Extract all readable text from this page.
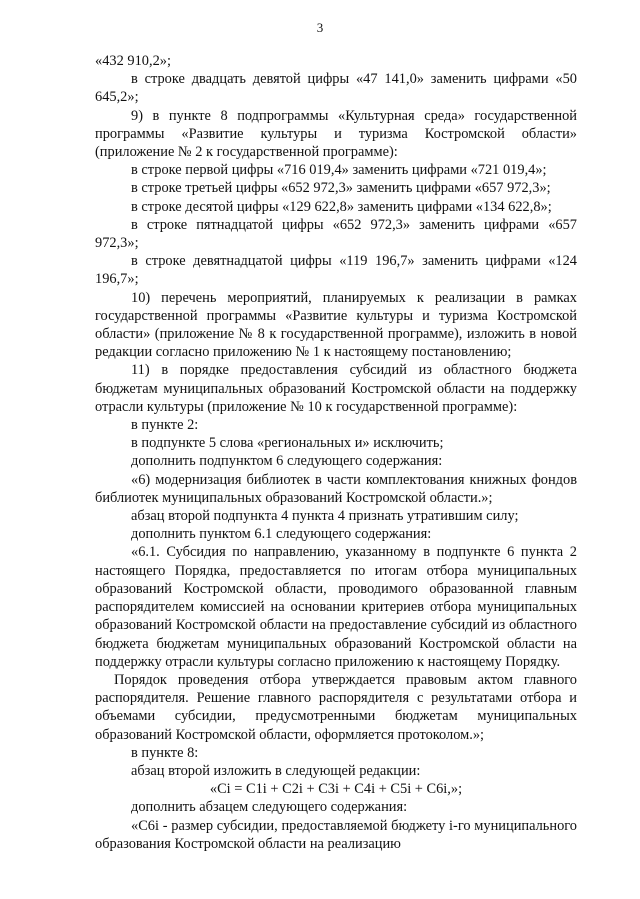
3

«432 910,2»;

в строке двадцать девятой цифры «47 141,0» заменить цифрами «50 645,2»;

9) в пункте 8 подпрограммы «Культурная среда» государственной программы «Развитие культуры и туризма Костромской области» (приложение № 2 к государственной программе):

в строке первой цифры «716 019,4» заменить цифрами «721 019,4»;

в строке третьей цифры «652 972,3» заменить цифрами «657 972,3»;

в строке десятой цифры «129 622,8» заменить цифрами «134 622,8»;

в строке пятнадцатой цифры «652 972,3» заменить цифрами «657 972,3»;

в строке девятнадцатой цифры «119 196,7» заменить цифрами «124 196,7»;

10) перечень мероприятий, планируемых к реализации в рамках государственной программы «Развитие культуры и туризма Костромской области» (приложение № 8 к государственной программе), изложить в новой редакции согласно приложению № 1 к настоящему постановлению;

11) в порядке предоставления субсидий из областного бюджета бюджетам муниципальных образований Костромской области на поддержку отрасли культуры (приложение № 10 к государственной программе):

в пункте 2:

в подпункте 5 слова «региональных и» исключить;

дополнить подпунктом 6 следующего содержания:

«6) модернизация библиотек в части комплектования книжных фондов библиотек муниципальных образований Костромской области.»;

абзац второй подпункта 4 пункта 4 признать утратившим силу;

дополнить пунктом 6.1 следующего содержания:

«6.1. Субсидия по направлению, указанному в подпункте 6 пункта 2 настоящего Порядка, предоставляется по итогам отбора муниципальных образований Костромской области, проводимого образованной главным распорядителем комиссией на основании критериев отбора муниципальных образований Костромской области на предоставление субсидий из областного бюджета бюджетам муниципальных образований Костромской области на поддержку отрасли культуры согласно приложению к настоящему Порядку.

Порядок проведения отбора утверждается правовым актом главного распорядителя. Решение главного распорядителя с результатами отбора и объемами субсидии, предусмотренными бюджетам муниципальных образований Костромской области, оформляется протоколом.»;

в пункте 8:

абзац второй изложить в следующей редакции:

«Ci = C1i + C2i + C3i + C4i + C5i + C6i,»;

дополнить абзацем следующего содержания:

«C6i - размер субсидии, предоставляемой бюджету i-го муниципального образования Костромской области на реализацию
